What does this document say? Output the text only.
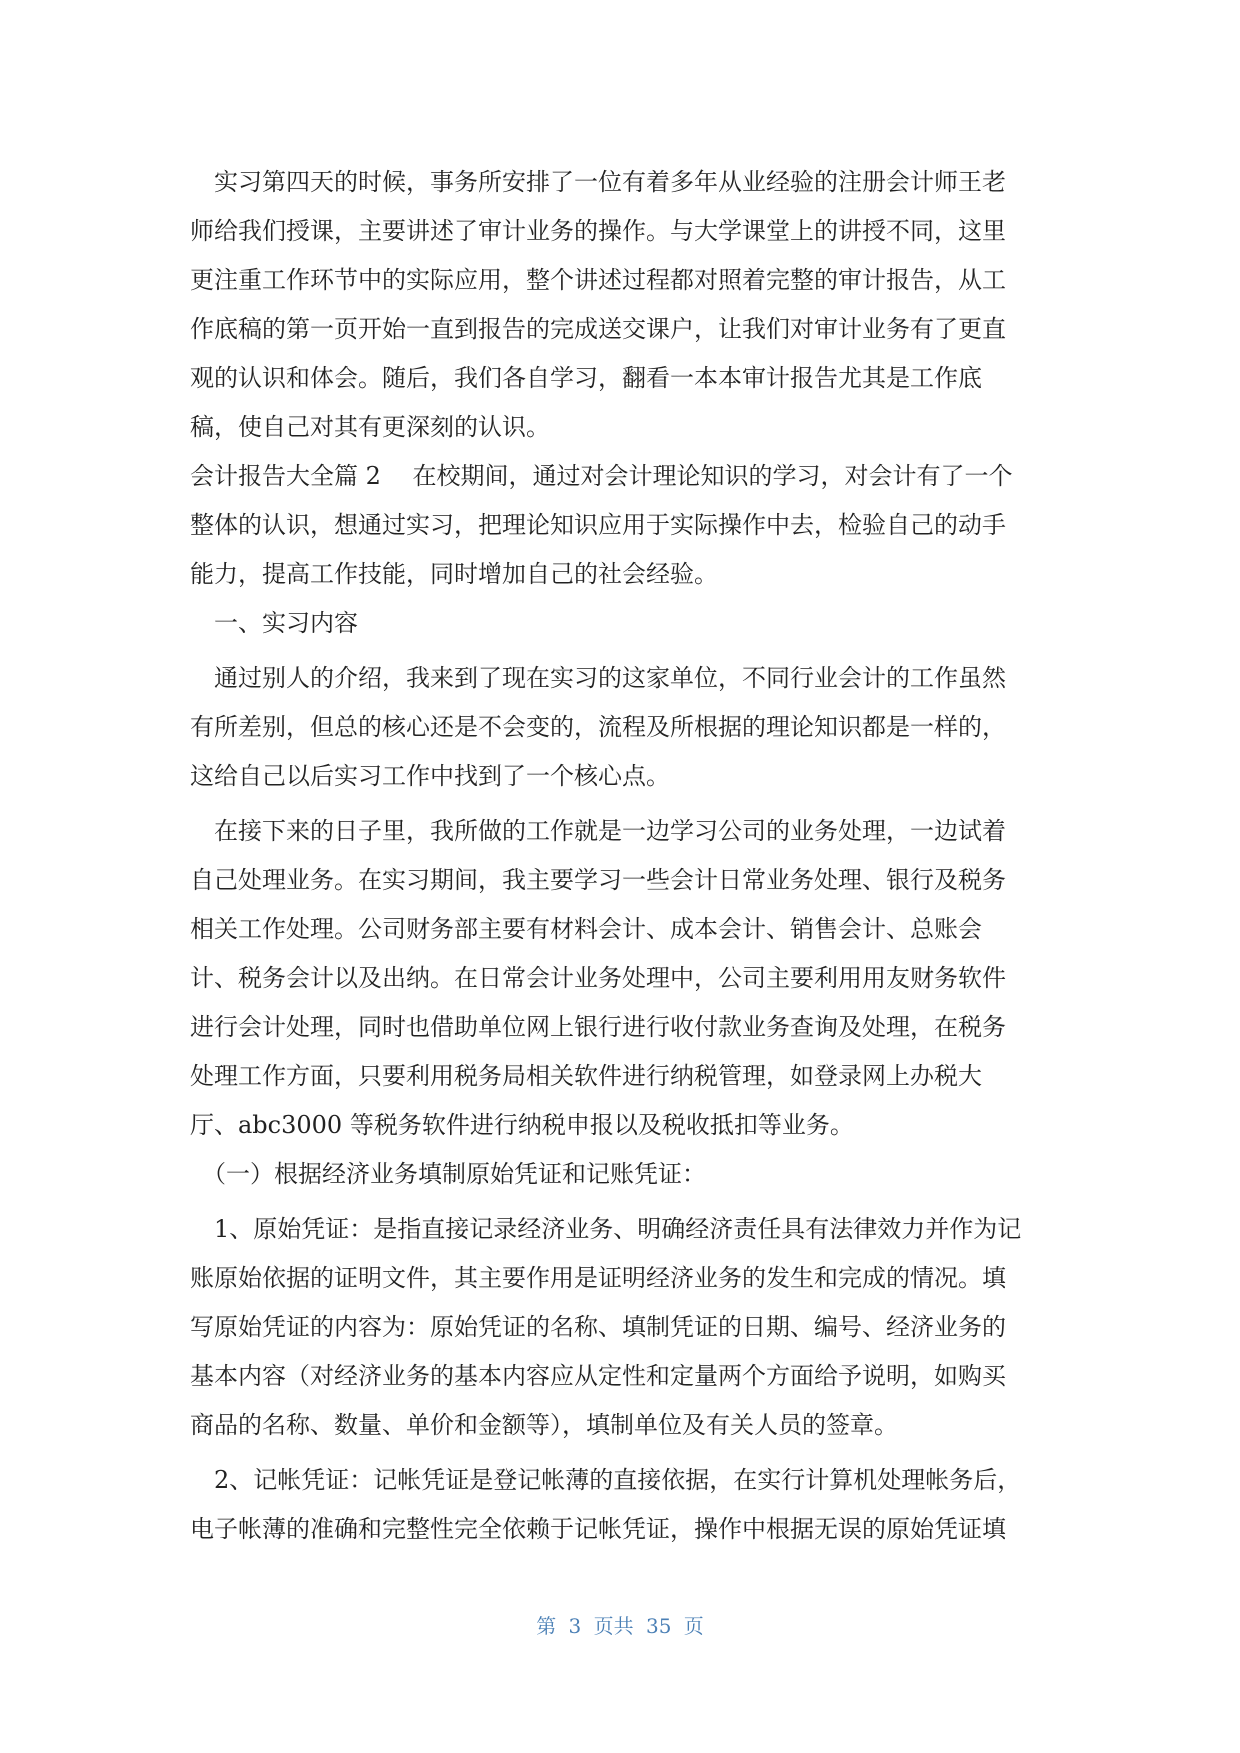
　实习第四天的时候，事务所安排了一位有着多年从业经验的注册会计师王老
师给我们授课，主要讲述了审计业务的操作。与大学课堂上的讲授不同，这里
更注重工作环节中的实际应用，整个讲述过程都对照着完整的审计报告，从工
作底稿的第一页开始一直到报告的完成送交课户，让我们对审计业务有了更直
观的认识和体会。随后，我们各自学习，翻看一本本审计报告尤其是工作底
稿，使自己对其有更深刻的认识。
会计报告大全篇 2　 在校期间，通过对会计理论知识的学习，对会计有了一个
整体的认识，想通过实习，把理论知识应用于实际操作中去，检验自己的动手
能力，提高工作技能，同时增加自己的社会经验。
　一、实习内容
　通过别人的介绍，我来到了现在实习的这家单位，不同行业会计的工作虽然
有所差别，但总的核心还是不会变的，流程及所根据的理论知识都是一样的，
这给自己以后实习工作中找到了一个核心点。
　在接下来的日子里，我所做的工作就是一边学习公司的业务处理，一边试着
自己处理业务。在实习期间，我主要学习一些会计日常业务处理、银行及税务
相关工作处理。公司财务部主要有材料会计、成本会计、销售会计、总账会
计、税务会计以及出纳。在日常会计业务处理中，公司主要利用用友财务软件
进行会计处理，同时也借助单位网上银行进行收付款业务查询及处理，在税务
处理工作方面，只要利用税务局相关软件进行纳税管理，如登录网上办税大
厅、abc3000 等税务软件进行纳税申报以及税收抵扣等业务。
　（一）根据经济业务填制原始凭证和记账凭证：
　1、原始凭证：是指直接记录经济业务、明确经济责任具有法律效力并作为记
账原始依据的证明文件，其主要作用是证明经济业务的发生和完成的情况。填
写原始凭证的内容为：原始凭证的名称、填制凭证的日期、编号、经济业务的
基本内容（对经济业务的基本内容应从定性和定量两个方面给予说明，如购买
商品的名称、数量、单价和金额等），填制单位及有关人员的签章。
　2、记帐凭证：记帐凭证是登记帐薄的直接依据，在实行计算机处理帐务后，
电子帐薄的准确和完整性完全依赖于记帐凭证，操作中根据无误的原始凭证填
第 3 页共 35 页
